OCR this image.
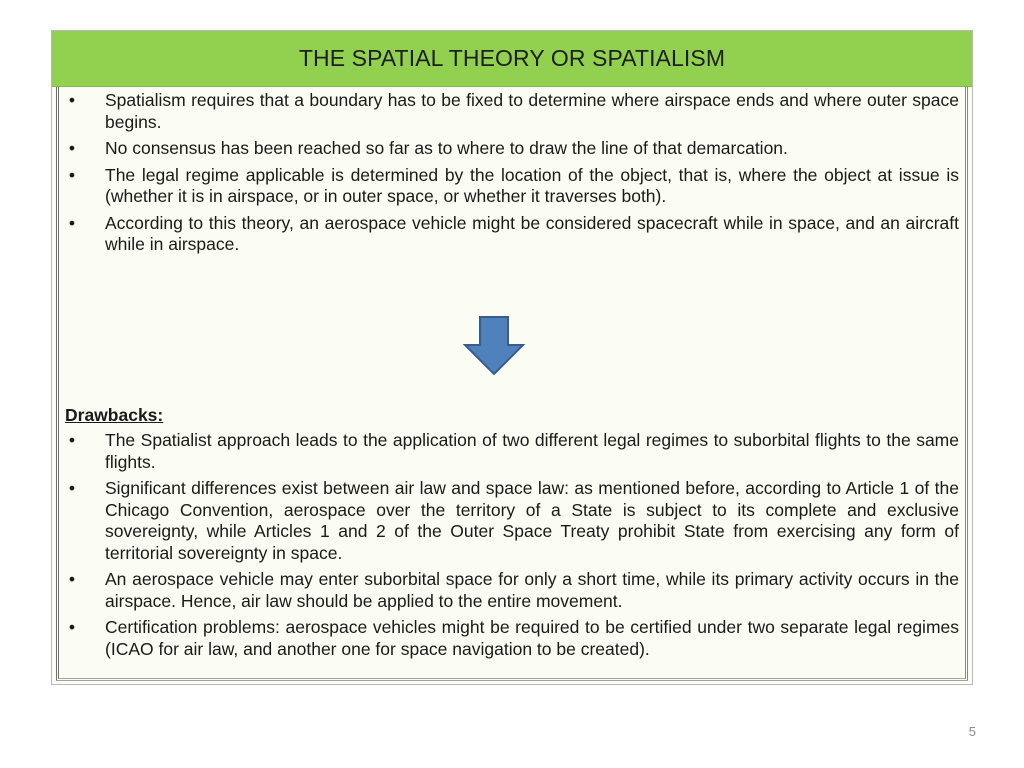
THE SPATIAL THEORY OR SPATIALISM
• Spatialism requires that a boundary has to be fixed to determine where airspace ends and where outer space begins.
• No consensus has been reached so far as to where to draw the line of that demarcation.
• The legal regime applicable is determined by the location of the object, that is, where the object at issue is (whether it is in airspace, or in outer space, or whether it traverses both).
• According to this theory, an aerospace vehicle might be considered spacecraft while in space, and an aircraft while in airspace.
Drawbacks:
• The Spatialist approach leads to the application of two different legal regimes to suborbital flights to the same flights.
• Significant differences exist between air law and space law: as mentioned before, according to Article 1 of the Chicago Convention, aerospace over the territory of a State is subject to its complete and exclusive sovereignty, while Articles 1 and 2 of the Outer Space Treaty prohibit State from exercising any form of territorial sovereignty in space.
• An aerospace vehicle may enter suborbital space for only a short time, while its primary activity occurs in the airspace. Hence, air law should be applied to the entire movement.
• Certification problems: aerospace vehicles might be required to be certified under two separate legal regimes (ICAO for air law, and another one for space navigation to be created).
5
